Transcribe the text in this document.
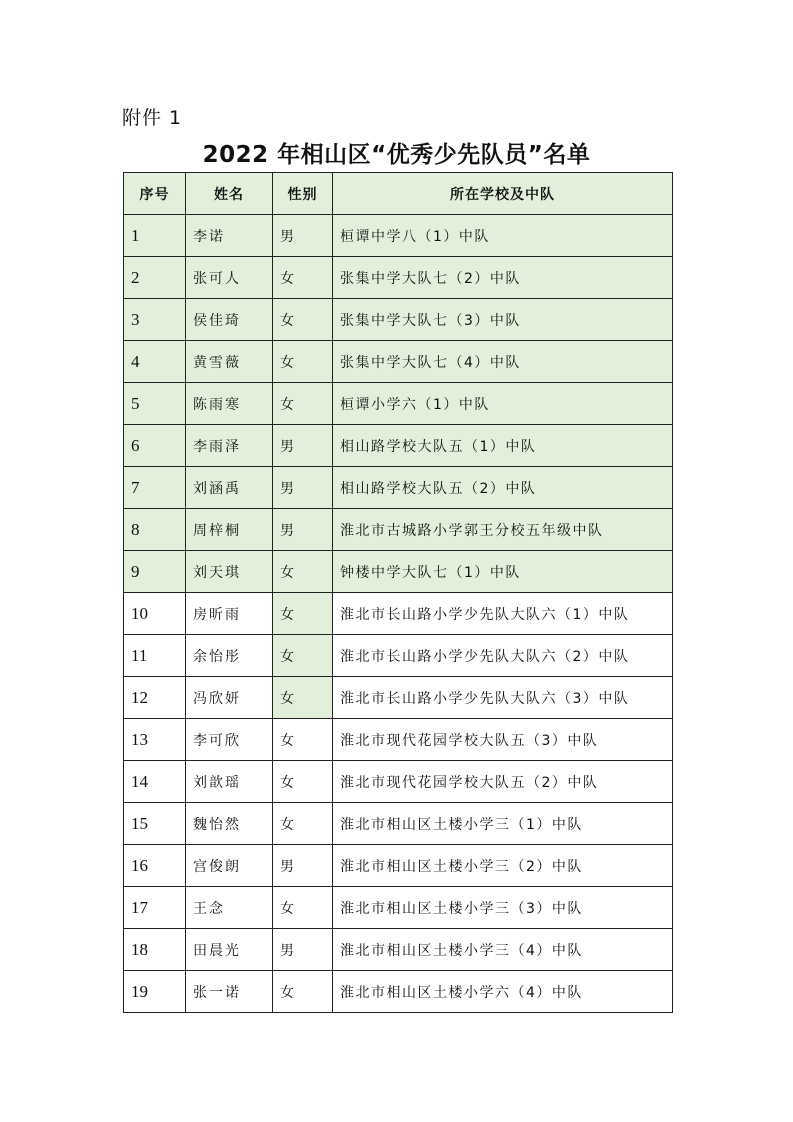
附件 1
2022 年相山区“优秀少先队员”名单
序号	姓名	性别	所在学校及中队
1	李诺	男	桓谭中学八（1）中队
2	张可人	女	张集中学大队七（2）中队
3	侯佳琦	女	张集中学大队七（3）中队
4	黄雪薇	女	张集中学大队七（4）中队
5	陈雨寒	女	桓谭小学六（1）中队
6	李雨泽	男	相山路学校大队五（1）中队
7	刘涵禹	男	相山路学校大队五（2）中队
8	周梓桐	男	淮北市古城路小学郭王分校五年级中队
9	刘天琪	女	钟楼中学大队七（1）中队
10	房昕雨	女	淮北市长山路小学少先队大队六（1）中队
11	余怡彤	女	淮北市长山路小学少先队大队六（2）中队
12	冯欣妍	女	淮北市长山路小学少先队大队六（3）中队
13	李可欣	女	淮北市现代花园学校大队五（3）中队
14	刘歆瑶	女	淮北市现代花园学校大队五（2）中队
15	魏怡然	女	淮北市相山区土楼小学三（1）中队
16	宫俊朗	男	淮北市相山区土楼小学三（2）中队
17	王念	女	淮北市相山区土楼小学三（3）中队
18	田晨光	男	淮北市相山区土楼小学三（4）中队
19	张一诺	女	淮北市相山区土楼小学六（4）中队
